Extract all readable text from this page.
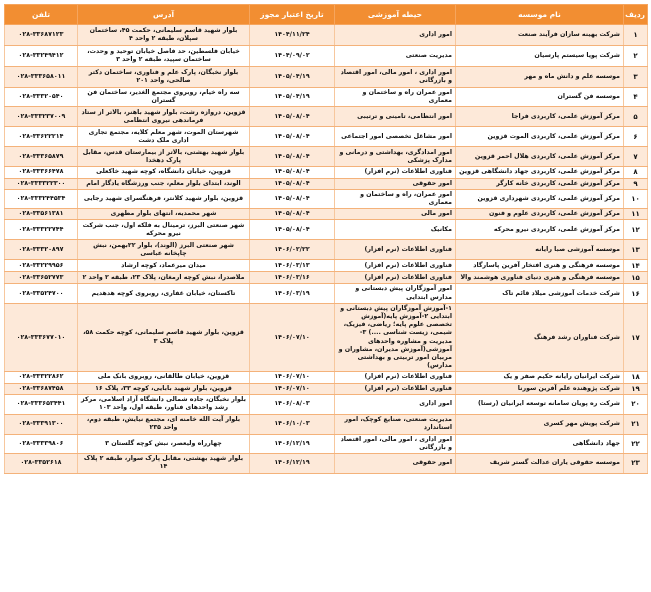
ردیف	نام موسسه	حیطه آموزشی	تاریخ اعتبار مجوز	آدرس	تلفن
۱	شرکت بهینه سازان فرآیند صنعت	امور اداری	۱۴۰۴/۱۱/۲۴	بلوار شهید قاسم سلیمانی، حکمت ۴۵، ساختمان سپلان، طبقه ۲ واحد ۴	۰۲۸-۳۳۶۸۷۱۲۳
۲	شرکت پویا سیستم پارسیان	مدیریت صنعتی	۱۴۰۴/۰۹/۰۲	خیابان فلسطین، حد فاصل خیابان توحید و وحدت، ساختمان سپید، طبقه ۲ واحد ۳	۰۲۸-۳۳۲۴۹۴۱۲
۳	موسسه علم و دانش ماه و مهر	امور اداری ، امور مالی، امور اقتصاد و بازرگانی	۱۴۰۵/۰۴/۱۹	بلوار نخبگان، پارک علم و فناوری، ساختمان دکتر صالحی، واحد ۲۰۱	۰۲۸-۳۳۳۶۵۸۰۱۱
۴	موسسه فن گستران	امور عمران راه و ساختمان و معماری	۱۴۰۵/۰۴/۱۹	سه راه خیام، روبروی مجتمع الغدیر، ساختمان فن گستران	۰۲۸-۳۳۳۲۰۵۴۰
۵	مرکز آموزش علمی، کاربردی فراجا	امور انتظامی، تامینی و ترتیبی	۱۴۰۵/۰۸/۰۴	قزوین، دروازه رشت، بلوار شهید باهنر، بالاتر از ستاد فرماندهی نیروی انتظامی	۰۲۸-۳۳۳۲۳۷۰۰۹
۶	مرکز آموزش علمی، کاربردی الموت قزوین	امور مشاغل تخصصی امور اجتماعی	۱۴۰۵/۰۸/۰۴	شهرستان الموت، شهر معلم کلایه، مجتمع تجاری اداری ملک دشت	۰۲۸-۳۳۶۲۲۲۱۴
۷	مرکز آموزش علمی، کاربردی هلال احمر قزوین	امور امدادگری، بهداشتی و درمانی و مدارک پزشکی	۱۴۰۵/۰۸/۰۴	بلوار شهید بهشتی، بالاتر از بیمارستان قدس، مقابل پارک دهخدا	۰۲۸-۳۳۳۶۵۸۷۹
۸	مرکز آموزش علمی، کاربردی جهاد دانشگاهی قزوین	فناوری اطلاعات (نرم افزار)	۱۴۰۵/۰۸/۰۴	قزوین، خیابان دانشگاه، کوچه شهید خاکعلی	۰۲۸-۳۳۳۶۶۴۷۸
۹	مرکز آموزش علمی، کاربردی خانه کارگر	امور حقوقی	۱۴۰۵/۰۸/۰۴	الوند، ابتدای بلوار معلم، جنب ورزشگاه یادگار امام	۰۲۸-۳۳۳۳۲۲۳۰۰
۱۰	مرکز آموزش علمی، کاربردی شهرداری قزوین	امور عمران، راه و ساختمان و معماری	۱۴۰۵/۰۸/۰۴	قزوین، بلوار شهید کلانتر، فرهنگسرای شهید رجایی	۰۲۸-۳۳۳۲۴۴۵۳۴
۱۱	مرکز آموزش علمی، کاربردی علوم و فنون	امور مالی	۱۴۰۵/۰۸/۰۴	شهر محمدیه، انتهای بلوار مطهری	۰۲۸-۳۳۵۶۱۳۸۱
۱۲	مرکز آموزش علمی، کاربردی نیرو محرکه	مکانیک	۱۴۰۵/۰۸/۰۴	شهر صنعتی البرز، ترمینال به فلکه اول، جنب شرکت نیرو محرکه	۰۲۸-۳۳۳۲۲۷۴۴
۱۳	موسسه آموزشی صبا رایانه	فناوری اطلاعات (نرم افزار)	۱۴۰۶/۰۲/۲۲	شهر صنعتی البرز (الوند)، بلوار ۲۲بهمن، نبش چاپخانه عباسی	۰۲۸-۳۳۳۲۰۸۹۷
۱۴	موسسه فرهنگی و هنری افتخار آفرین پاسارگاد	فناوری اطلاعات (نرم افزار)	۱۴۰۶/۰۳/۱۳	میدان میرعماد، کوچه ارشاد	۰۲۸-۳۳۲۲۹۹۵۶
۱۵	موسسه فرهنگی و هنری دنیای فناوری هوشمند والا	فناوری اطلاعات (نرم افزار)	۱۴۰۶/۰۳/۱۶	ملاصدرا، نبش کوچه ارمغان، پلاک ۲۳، طبقه ۲ واحد ۲	۰۲۸-۳۳۶۵۲۷۷۳
۱۶	شرکت خدمات آموزشی میلاد قائم تاک	امور آموزگاران پیش دبستانی و مدارس ابتدایی	۱۴۰۶/۰۳/۱۹	تاکستان، خیابان غفاری، روبروی کوچه هدهدیم	۰۲۸-۳۳۵۲۴۷۰۰
۱۷	شرکت فناوران رشد فرهنگ	۱-آموزش آموزگاران پیش دبستانی و ابتدایی ۲-آموزش پایه(آموزش تخصصی علوم پایه؛ ریاضی، فیزیک، شیمی، زیست شناسی ....) ۳-مدیریت و مشاوره واحدهای آموزشی(آموزش مدیران، مشاوران و مربیان امور تربیتی و بهداشتی مدارس)	۱۴۰۶/۰۷/۱۰	قزوین، بلوار شهید قاسم سلیمانی، کوچه حکمت ۵۸، پلاک ۳	۰۲۸-۳۳۳۶۷۷۰۱۰
۱۸	شرکت ایرانیان رایانه حکیم صفر و یک	فناوری اطلاعات (نرم افزار)	۱۴۰۶/۰۷/۱۰	قزوین، خیابان طالقانی، روبروی بانک ملی	۰۲۸-۳۳۳۲۲۸۶۲
۱۹	شرکت پژوهنده علم آفرین سورنا	فناوری اطلاعات (نرم افزار)	۱۴۰۶/۰۷/۱۰	قزوین، بلوار شهید بابایی، کوچه ۳۳، پلاک ۱۶	۰۲۸-۳۳۶۸۷۴۵۸
۲۰	شرکت ره پویان سامانه توسعه ایرانیان (رستا)	امور اداری	۱۴۰۶/۰۸/۰۳	بلوار نخبگان، جاده شمالی دانشگاه آزاد اسلامی، مرکز رشد واحدهای فناور، طبقه اول، واحد ۱۰۳	۰۲۸-۳۳۳۶۵۳۴۴۱
۲۱	شرکت پویش مهر کسری	مدیریت صنعتی، صنایع کوچک، امور استاندارد	۱۴۰۶/۱۰/۰۳	بلوار آیت الله خامنه ای، مجتمع نیایش، طبقه دوم، واحد ۲۳۵	۰۲۸-۳۳۳۹۱۳۰۰
۲۲	جهاد دانشگاهی	امور اداری ، امور مالی، امور اقتصاد و بازرگانی	۱۴۰۶/۱۲/۱۹	چهارراه ولیعصر، نبش کوچه گلستان ۳	۰۲۸-۳۳۳۳۹۸۰۶
۲۳	موسسه حقوقی یاران عدالت گستر شریف	امور حقوقی	۱۴۰۶/۱۲/۱۹	بلوار شهید بهشتی، مقابل پارک سوار، طبقه ۲ پلاک ۱۴	۰۲۸-۳۳۵۲۶۱۸
